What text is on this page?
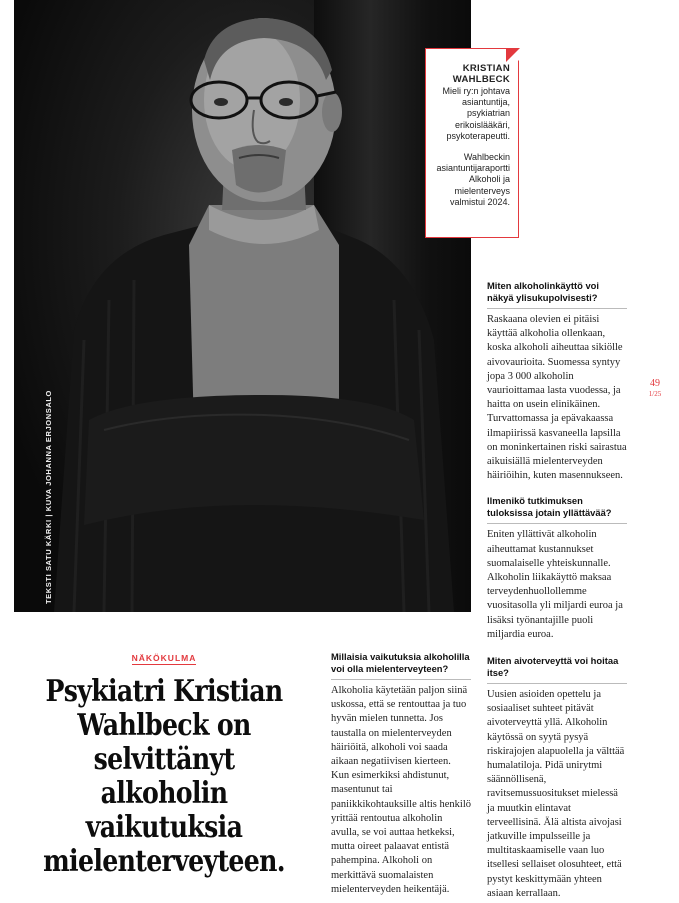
TEKSTI SATU KÄRKI | KUVA JOHANNA ERJONSALO
KRISTIAN
WAHLBECK
Mieli ry:n johtava asiantuntija, psykiatrian erikoislääkäri, psykoterapeutti.
Wahlbeckin asiantuntijaraportti Alkoholi ja mielenterveys valmistui 2024.
49
1/25
Miten alkoholinkäyttö voi näkyä ylisukupolvisesti?
Raskaana olevien ei pitäisi käyttää alkoholia ollenkaan, koska alkoholi aiheuttaa sikiölle aivovaurioita. Suomessa syntyy jopa 3 000 alkoholin vaurioittamaa lasta vuodessa, ja haitta on usein elinikäinen. Turvattomassa ja epävakaassa ilmapiirissä kasvaneella lapsilla on moninkertainen riski sairastua aikuisiällä mielenterveyden häiriöihin, kuten masennukseen.
Ilmenikö tutkimuksen tuloksissa jotain yllättävää?
Eniten yllättivät alkoholin aiheuttamat kustannukset suomalaiselle yhteiskunnalle. Alkoholin liikakäyttö maksaa terveydenhuollollemme vuositasolla yli miljardi euroa ja lisäksi työnantajille puoli miljardia euroa.
NÄKÖKULMA
Psykiatri Kristian Wahlbeck on selvittänyt alkoholin vaikutuksia mielenterveyteen.
Millaisia vaikutuksia alkoholilla voi olla mielenterveyteen?
Alkoholia käytetään paljon siinä uskossa, että se rentouttaa ja tuo hyvän mielen tunnetta. Jos taustalla on mielenterveyden häiriöitä, alkoholi voi saada aikaan negatiivisen kierteen. Kun esimerkiksi ahdistunut, masentunut tai paniikkikohtauksille altis henkilö yrittää rentoutua alkoholin avulla, se voi auttaa hetkeksi, mutta oireet palaavat entistä pahempina. Alkoholi on merkittävä suomalaisten mielenterveyden heikentäjä.
Miten aivoterveyttä voi hoitaa itse?
Uusien asioiden opettelu ja sosiaaliset suhteet pitävät aivoterveyttä yllä. Alkoholin käytössä on syytä pysyä riskirajojen alapuolella ja välttää humalatiloja. Pidä unirytmi säännöllisenä, ravitsemussuositukset mielessä ja muutkin elintavat terveellisinä. Älä altista aivojasi jatkuville impulsseille ja multitaskaamiselle vaan luo itsellesi sellaiset olosuhteet, että pystyt keskittymään yhteen asiaan kerrallaan.
